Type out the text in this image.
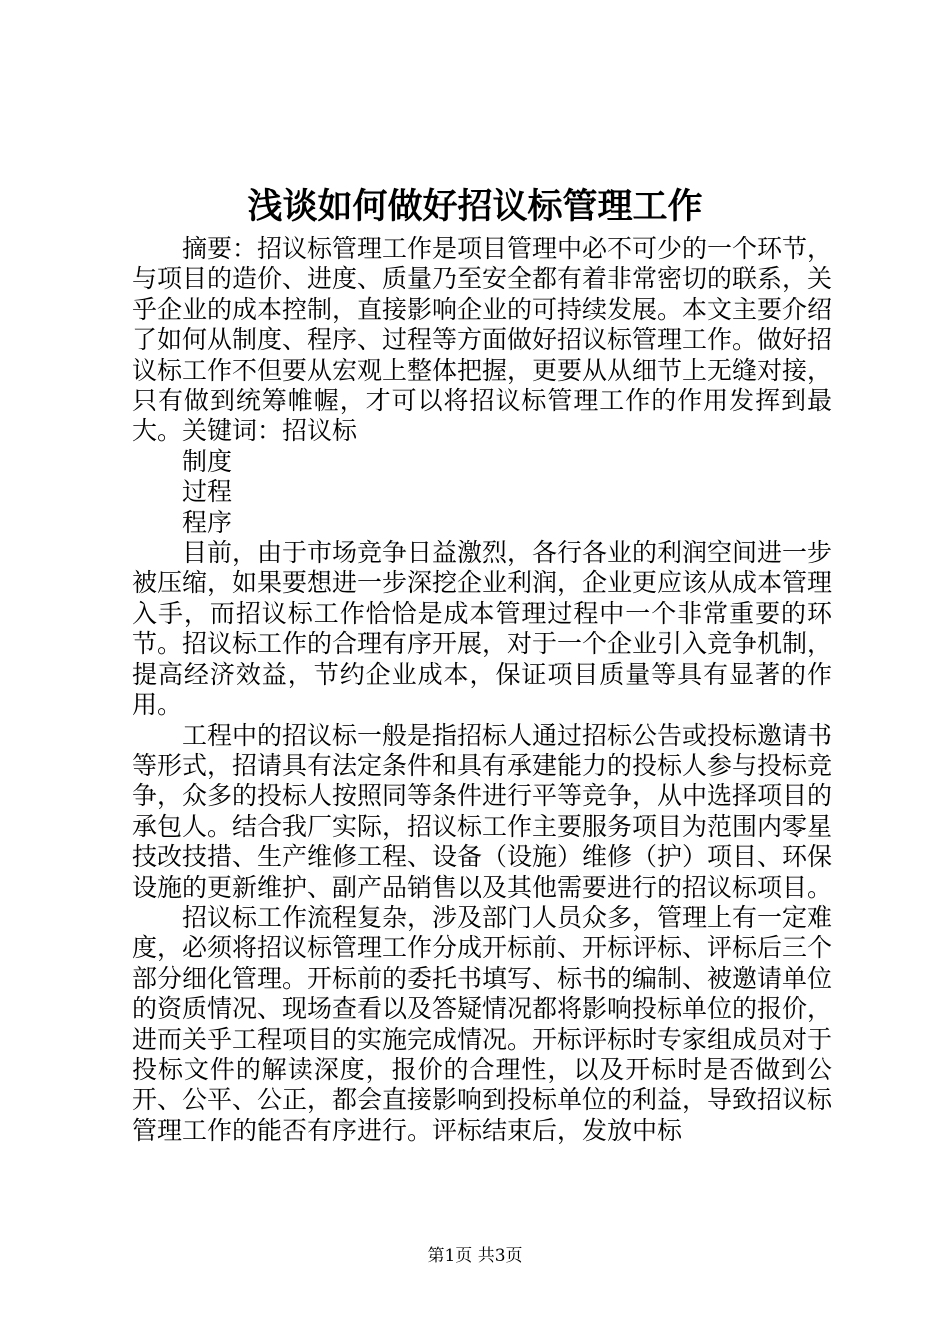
浅谈如何做好招议标管理工作

摘要：招议标管理工作是项目管理中必不可少的一个环节，与项目的造价、进度、质量乃至安全都有着非常密切的联系，关乎企业的成本控制，直接影响企业的可持续发展。本文主要介绍了如何从制度、程序、过程等方面做好招议标管理工作。做好招议标工作不但要从宏观上整体把握，更要从从细节上无缝对接，只有做到统筹帷幄，才可以将招议标管理工作的作用发挥到最大。关键词：招议标

制度

过程

程序

目前，由于市场竞争日益激烈，各行各业的利润空间进一步被压缩，如果要想进一步深挖企业利润，企业更应该从成本管理入手，而招议标工作恰恰是成本管理过程中一个非常重要的环节。招议标工作的合理有序开展，对于一个企业引入竞争机制，提高经济效益，节约企业成本，保证项目质量等具有显著的作用。

工程中的招议标一般是指招标人通过招标公告或投标邀请书等形式，招请具有法定条件和具有承建能力的投标人参与投标竞争，众多的投标人按照同等条件进行平等竞争，从中选择项目的承包人。结合我厂实际，招议标工作主要服务项目为范围内零星技改技措、生产维修工程、设备（设施）维修（护）项目、环保设施的更新维护、副产品销售以及其他需要进行的招议标项目。

招议标工作流程复杂，涉及部门人员众多，管理上有一定难度，必须将招议标管理工作分成开标前、开标评标、评标后三个部分细化管理。开标前的委托书填写、标书的编制、被邀请单位的资质情况、现场查看以及答疑情况都将影响投标单位的报价，进而关乎工程项目的实施完成情况。开标评标时专家组成员对于投标文件的解读深度，报价的合理性，以及开标时是否做到公开、公平、公正，都会直接影响到投标单位的利益，导致招议标管理工作的能否有序进行。评标结束后，发放中标

第1页 共3页
